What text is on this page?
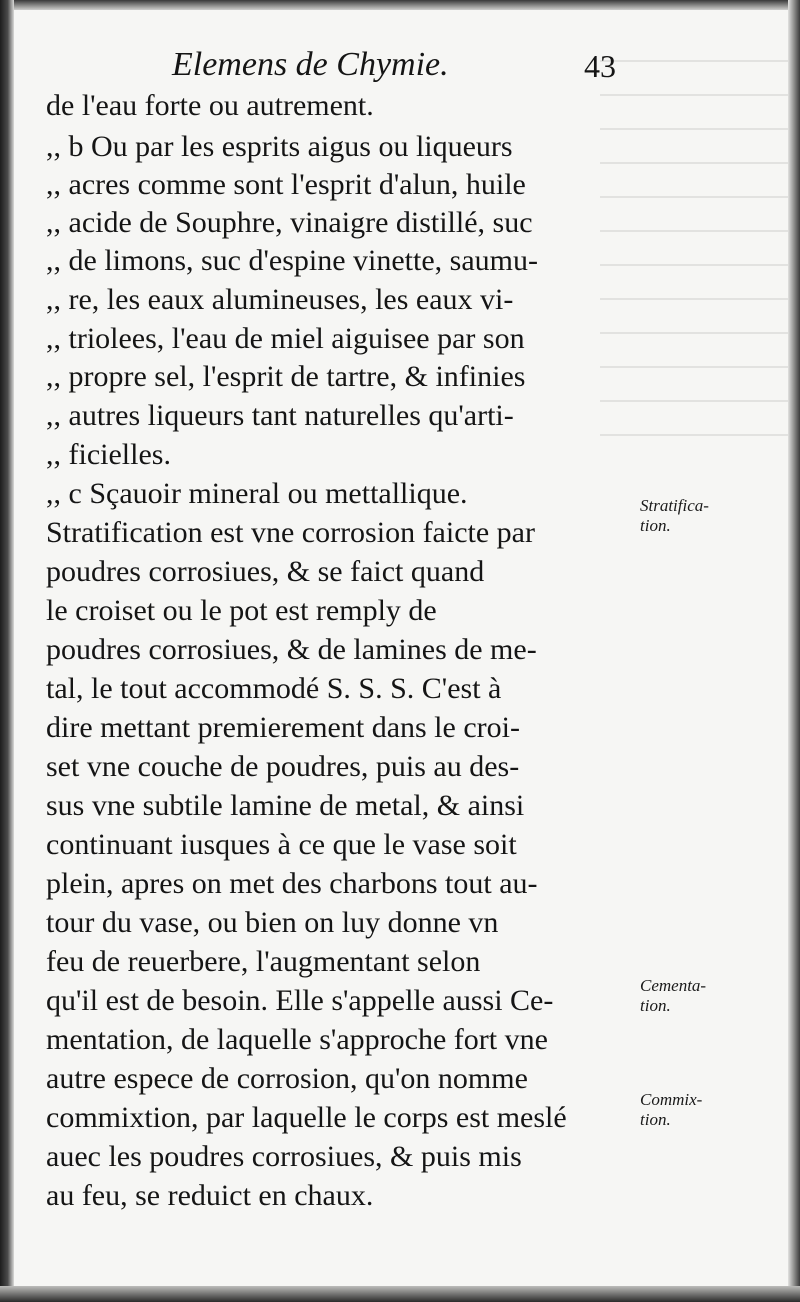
Elemens de Chymie.	43
de l'eau forte ou autrement.
,, b Ou par les esprits aigus ou liqueurs
,, acres comme sont l'esprit d'alun, huile
,, acide de Souphre, vinaigre distillé, suc
,, de limons, suc d'espine vinette, saumu-
,, re, les eaux alumineuses, les eaux vi-
,, triolees, l'eau de miel aiguisee par son
,, propre sel, l'esprit de tartre, & infinies
,, autres liqueurs tant naturelles qu'arti-
,, ficielles.
,, c Sçauoir mineral ou mettallique.
Stratification est vne corrosion faicte par
poudres corrosiues, & se faict quand
le croiset ou le pot est remply de
poudres corrosiues, & de lamines de me-
tal, le tout accommodé S. S. S. C'est à
dire mettant premierement dans le croi-
set vne couche de poudres, puis au des-
sus vne subtile lamine de metal, & ainsi
continuant iusques à ce que le vase soit
plein, apres on met des charbons tout au-
tour du vase, ou bien on luy donne vn
feu de reuerbere, l'augmentant selon
qu'il est de besoin. Elle s'appelle aussi Ce-
mentation, de laquelle s'approche fort vne
autre espece de corrosion, qu'on nomme
commixtion, par laquelle le corps est meslé
auec les poudres corrosiues, & puis mis
au feu, se reduict en chaux.
Stratifica-
tion.
Cementa-
tion.
Commix-
tion.
